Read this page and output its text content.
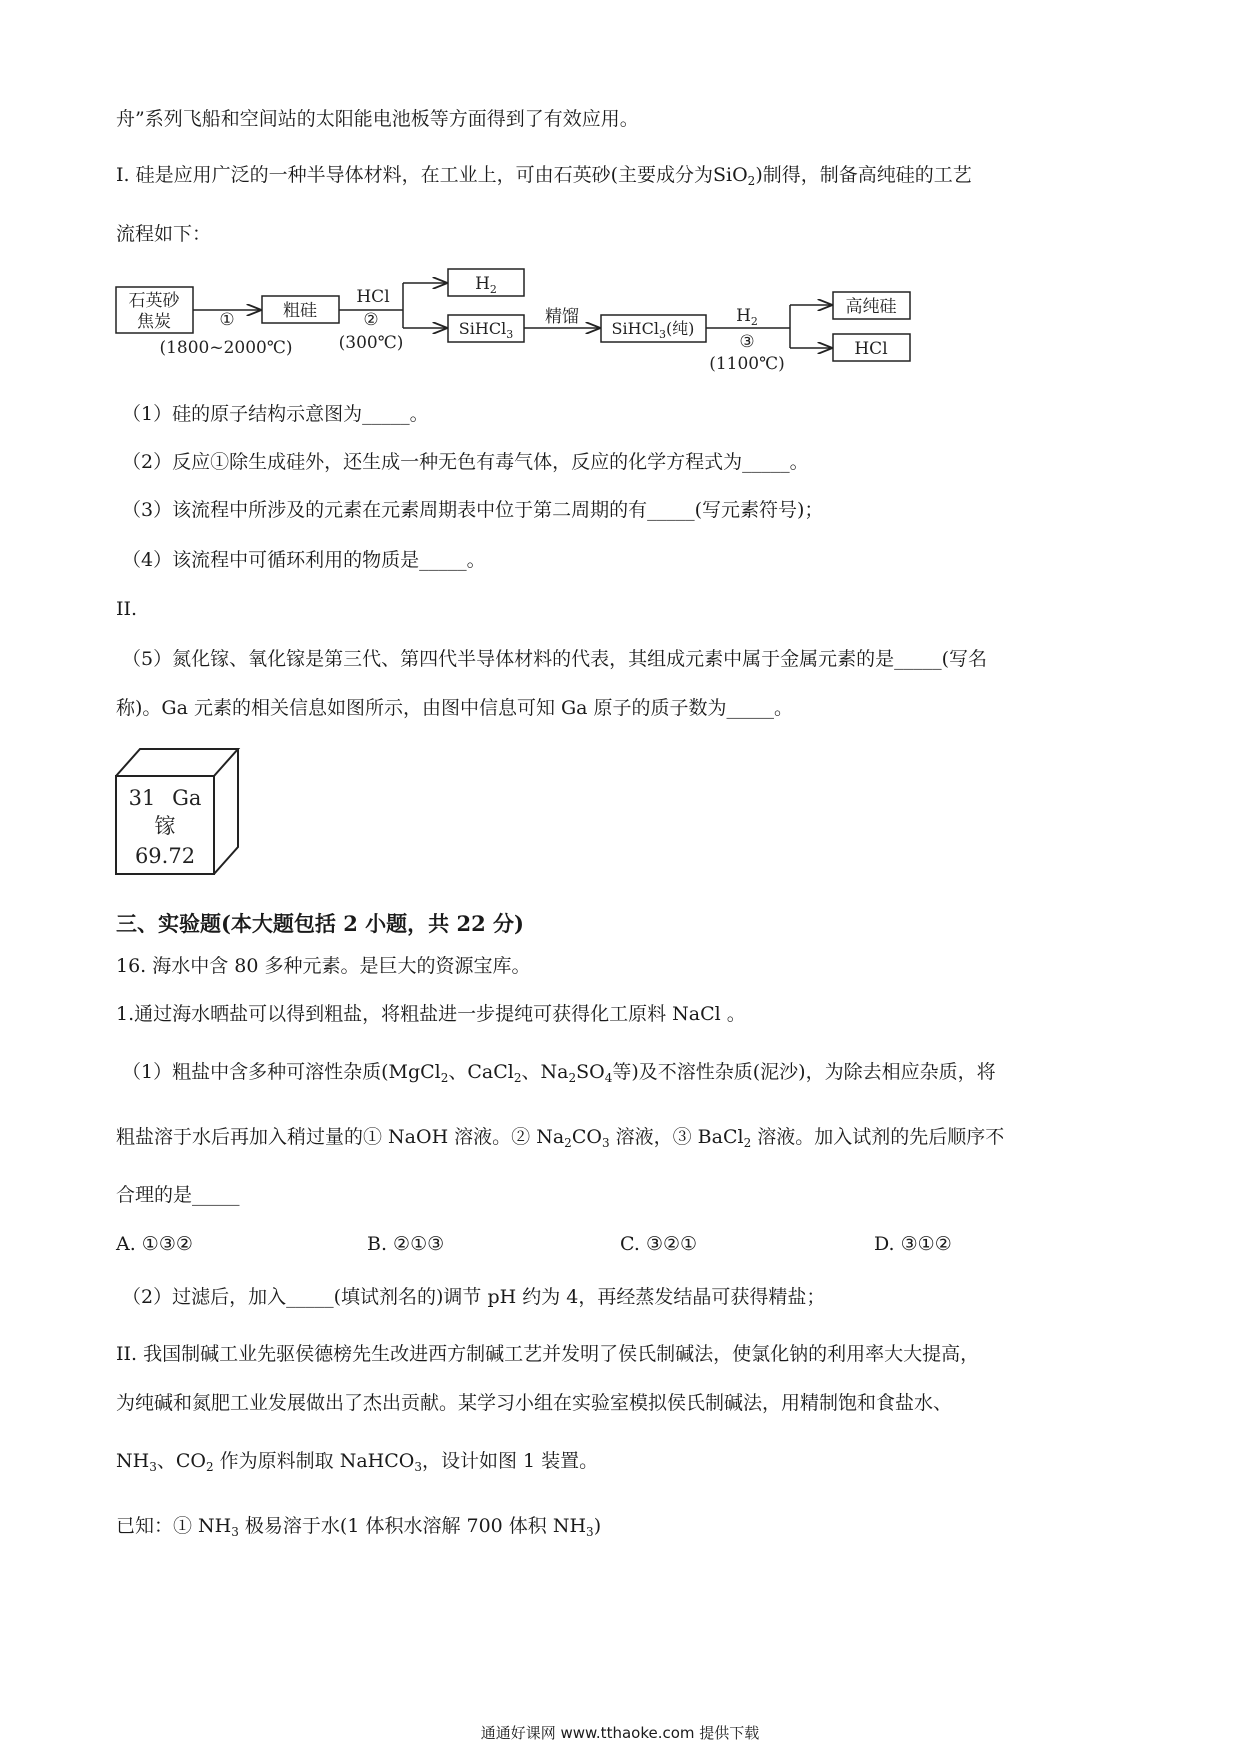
舟”系列飞船和空间站的太阳能电池板等方面得到了有效应用。
I. 硅是应用广泛的一种半导体材料，在工业上，可由石英砂(主要成分为SiO$_2$)制得，制备高纯硅的工艺
流程如下：
石英砂
焦炭	①
(1800~2000℃)
粗硅
HCl
②
(300℃)
$H_2$
SiHCl$_3$
精馏
SiHCl$_3$(纯)
$H_2$
③
(1100℃)
高纯硅
HCl
（1）硅的原子结构示意图为_____。
（2）反应①除生成硅外，还生成一种无色有毒气体，反应的化学方程式为_____。
（3）该流程中所涉及的元素在元素周期表中位于第二周期的有_____(写元素符号)；
（4）该流程中可循环利用的物质是_____。
II.
（5）氮化镓、氧化镓是第三代、第四代半导体材料的代表，其组成元素中属于金属元素的是_____(写名
称)。Ga 元素的相关信息如图所示，由图中信息可知 Ga 原子的质子数为_____。
31 Ga
镓
69.72
三、实验题(本大题包括 2 小题，共 22 分)
16. 海水中含 80 多种元素。是巨大的资源宝库。
1.通过海水晒盐可以得到粗盐，将粗盐进一步提纯可获得化工原料 NaCl 。
（1）粗盐中含多种可溶性杂质(MgCl$_2$、CaCl$_2$、$Na_2SO_4$等)及不溶性杂质(泥沙)，为除去相应杂质，将
粗盐溶于水后再加入稍过量的① NaOH 溶液。② $Na_2CO_3$ 溶液，③ BaCl$_2$ 溶液。加入试剂的先后顺序不
合理的是_____
A. ①③②	B. ②①③	C. ③②①	D. ③①②
（2）过滤后，加入_____(填试剂名的)调节 pH 约为 4，再经蒸发结晶可获得精盐；
II. 我国制碱工业先驱侯德榜先生改进西方制碱工艺并发明了侯氏制碱法，使氯化钠的利用率大大提高，
为纯碱和氮肥工业发展做出了杰出贡献。某学习小组在实验室模拟侯氏制碱法，用精制饱和食盐水、
$NH_3$、$CO_2$ 作为原料制取 NaHCO$_3$，设计如图 1 装置。
已知：① $NH_3$ 极易溶于水(1 体积水溶解 700 体积 $NH_3$)
通通好课网 www.tthaoke.com 提供下载
